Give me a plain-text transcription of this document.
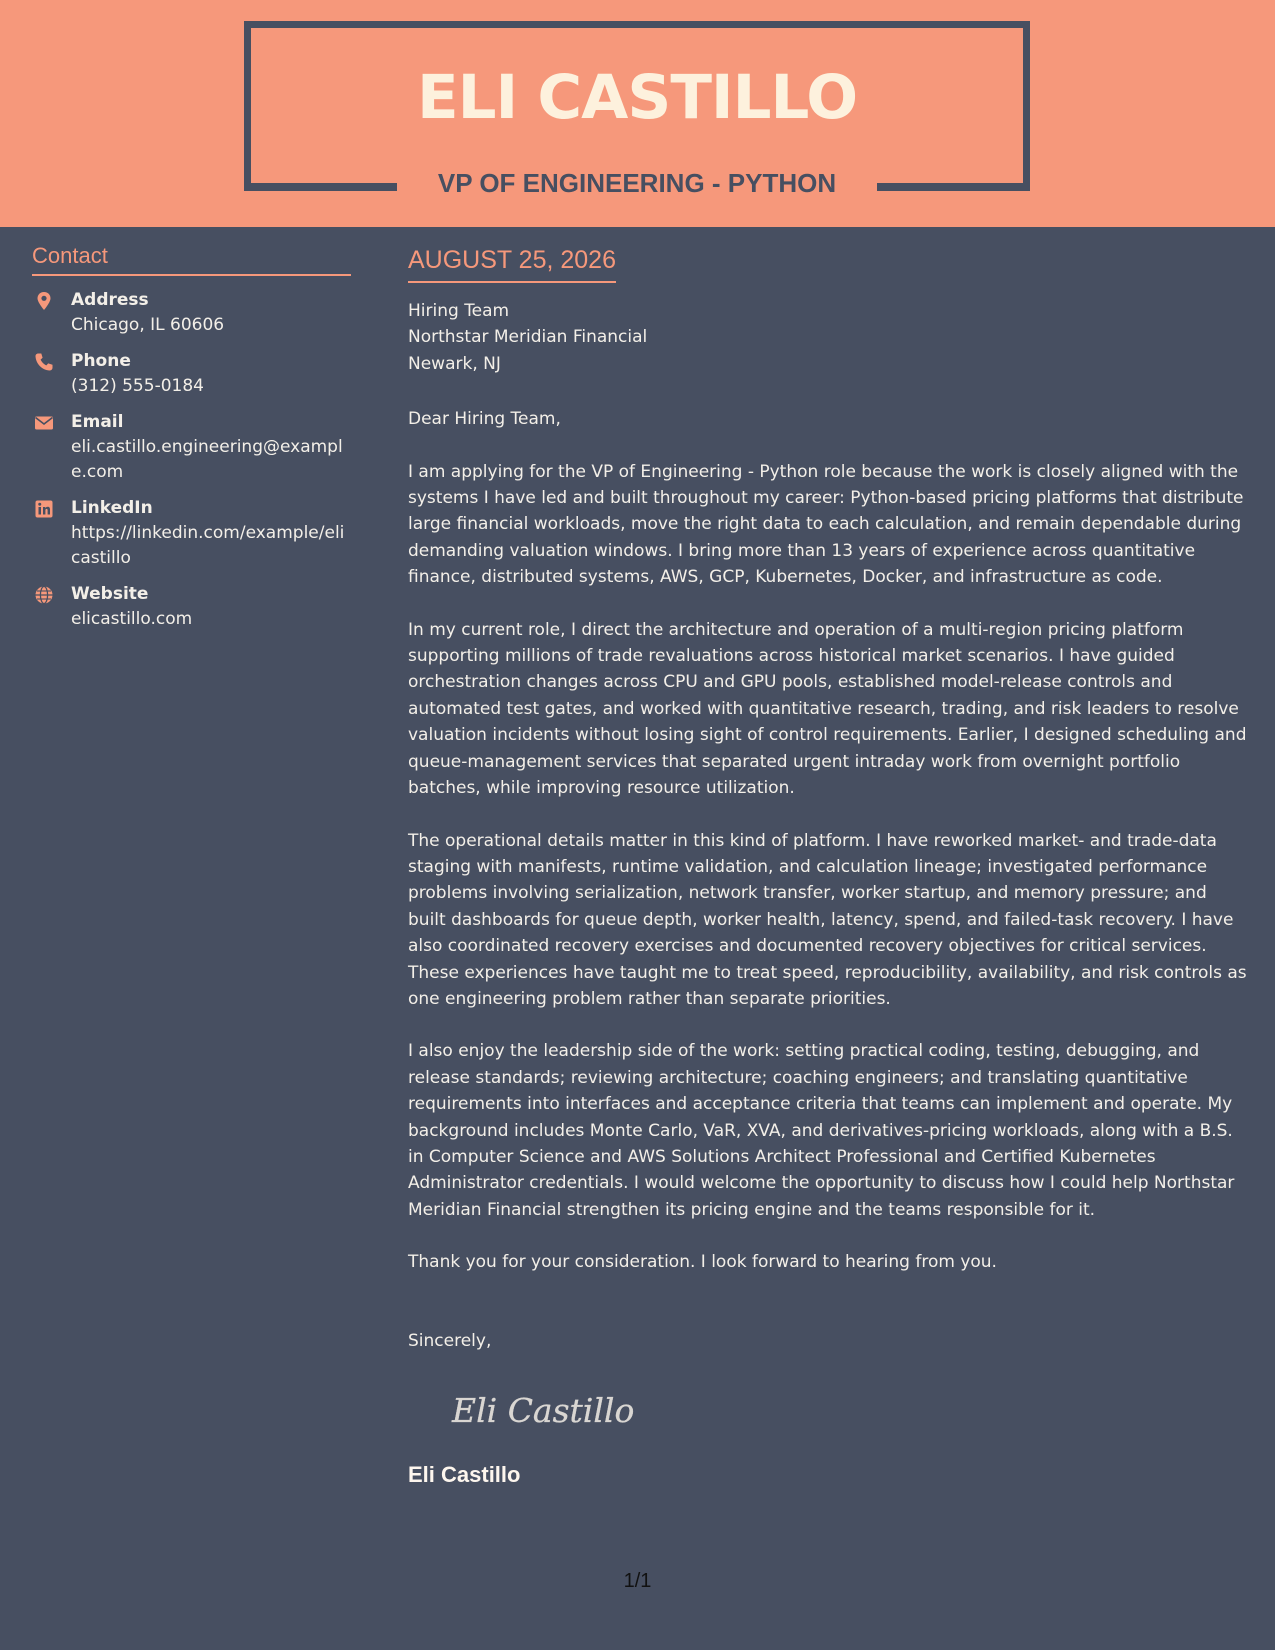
ELI CASTILLO
VP OF ENGINEERING - PYTHON
Contact
Address
Chicago, IL 60606
Phone
(312) 555-0184
Email
eli.castillo.engineering@example.com
LinkedIn
https://linkedin.com/example/elicastillo
Website
elicastillo.com
AUGUST 25, 2026
Hiring Team
Northstar Meridian Financial
Newark, NJ
Dear Hiring Team,
I am applying for the VP of Engineering - Python role because the work is closely aligned with the systems I have led and built throughout my career: Python-based pricing platforms that distribute large financial workloads, move the right data to each calculation, and remain dependable during demanding valuation windows. I bring more than 13 years of experience across quantitative finance, distributed systems, AWS, GCP, Kubernetes, Docker, and infrastructure as code.
In my current role, I direct the architecture and operation of a multi-region pricing platform supporting millions of trade revaluations across historical market scenarios. I have guided orchestration changes across CPU and GPU pools, established model-release controls and automated test gates, and worked with quantitative research, trading, and risk leaders to resolve valuation incidents without losing sight of control requirements. Earlier, I designed scheduling and queue-management services that separated urgent intraday work from overnight portfolio batches, while improving resource utilization.
The operational details matter in this kind of platform. I have reworked market- and trade-data staging with manifests, runtime validation, and calculation lineage; investigated performance problems involving serialization, network transfer, worker startup, and memory pressure; and built dashboards for queue depth, worker health, latency, spend, and failed-task recovery. I have also coordinated recovery exercises and documented recovery objectives for critical services. These experiences have taught me to treat speed, reproducibility, availability, and risk controls as one engineering problem rather than separate priorities.
I also enjoy the leadership side of the work: setting practical coding, testing, debugging, and release standards; reviewing architecture; coaching engineers; and translating quantitative requirements into interfaces and acceptance criteria that teams can implement and operate. My background includes Monte Carlo, VaR, XVA, and derivatives-pricing workloads, along with a B.S. in Computer Science and AWS Solutions Architect Professional and Certified Kubernetes Administrator credentials. I would welcome the opportunity to discuss how I could help Northstar Meridian Financial strengthen its pricing engine and the teams responsible for it.
Thank you for your consideration. I look forward to hearing from you.
Sincerely,
Eli Castillo
Eli Castillo
1/1
